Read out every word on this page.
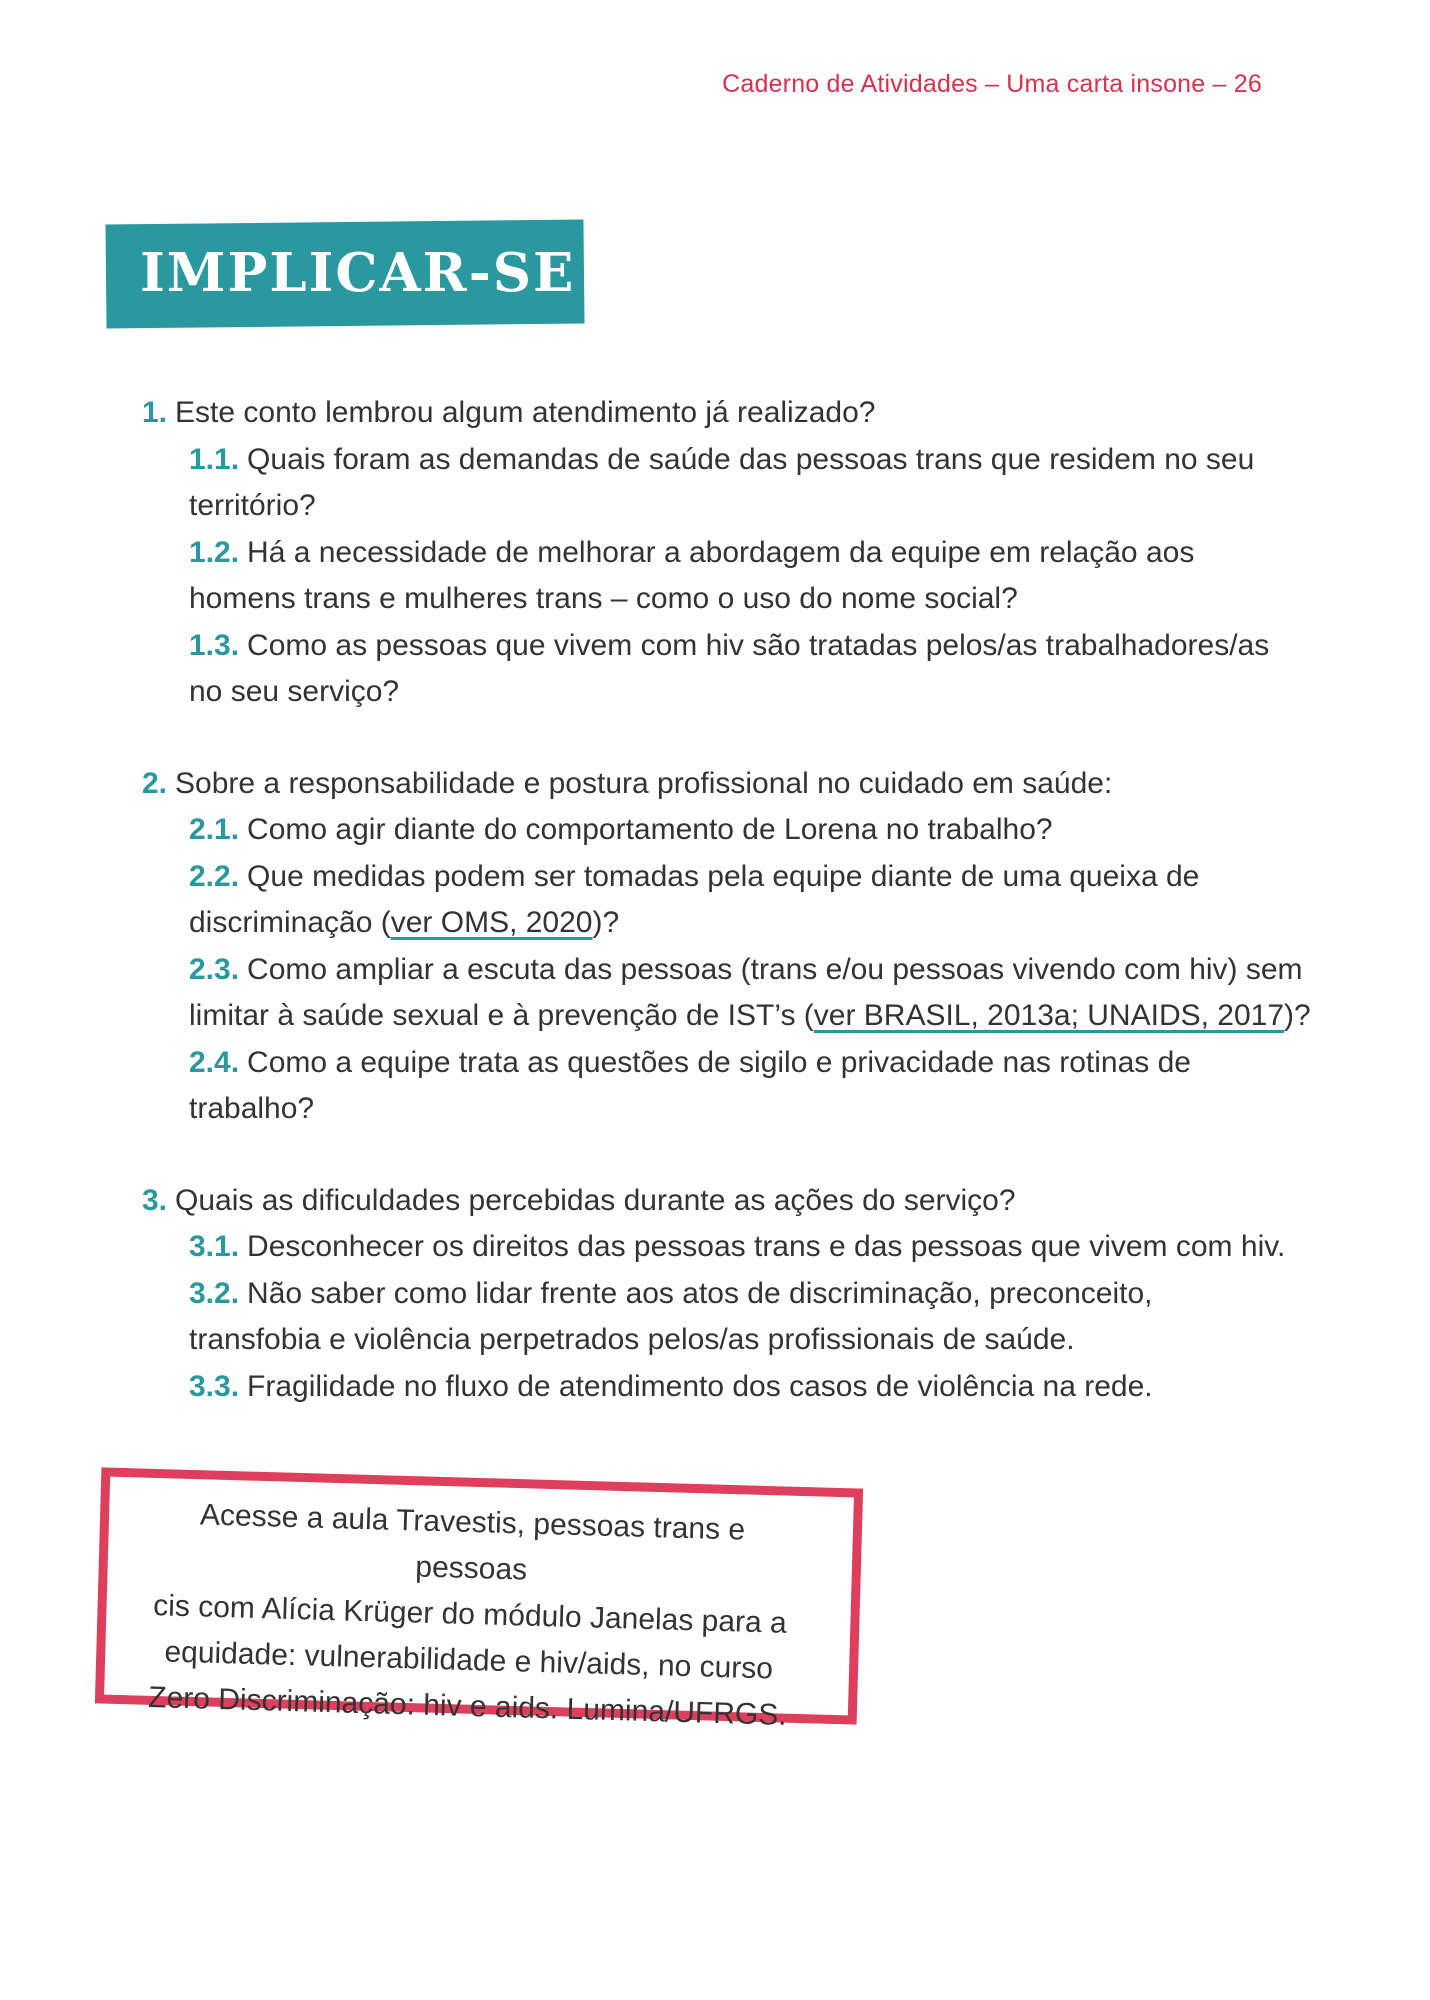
Caderno de Atividades – Uma carta insone – 26
IMPLICAR-SE
1. Este conto lembrou algum atendimento já realizado?
1.1. Quais foram as demandas de saúde das pessoas trans que residem no seu
território?
1.2. Há a necessidade de melhorar a abordagem da equipe em relação aos
homens trans e mulheres trans – como o uso do nome social?
1.3. Como as pessoas que vivem com hiv são tratadas pelos/as trabalhadores/as
no seu serviço?
2. Sobre a responsabilidade e postura profissional no cuidado em saúde:
2.1. Como agir diante do comportamento de Lorena no trabalho?
2.2. Que medidas podem ser tomadas pela equipe diante de uma queixa de
discriminação (ver OMS, 2020)?
2.3. Como ampliar a escuta das pessoas (trans e/ou pessoas vivendo com hiv) sem
limitar à saúde sexual e à prevenção de IST’s (ver BRASIL, 2013a; UNAIDS, 2017)?
2.4. Como a equipe trata as questões de sigilo e privacidade nas rotinas de
trabalho?
3. Quais as dificuldades percebidas durante as ações do serviço?
3.1. Desconhecer os direitos das pessoas trans e das pessoas que vivem com hiv.
3.2. Não saber como lidar frente aos atos de discriminação, preconceito,
transfobia e violência perpetrados pelos/as profissionais de saúde.
3.3. Fragilidade no fluxo de atendimento dos casos de violência na rede.
Acesse a aula Travestis, pessoas trans e pessoas
cis com Alícia Krüger do módulo Janelas para a
equidade: vulnerabilidade e hiv/aids, no curso
Zero Discriminação: hiv e aids. Lumina/UFRGS.
